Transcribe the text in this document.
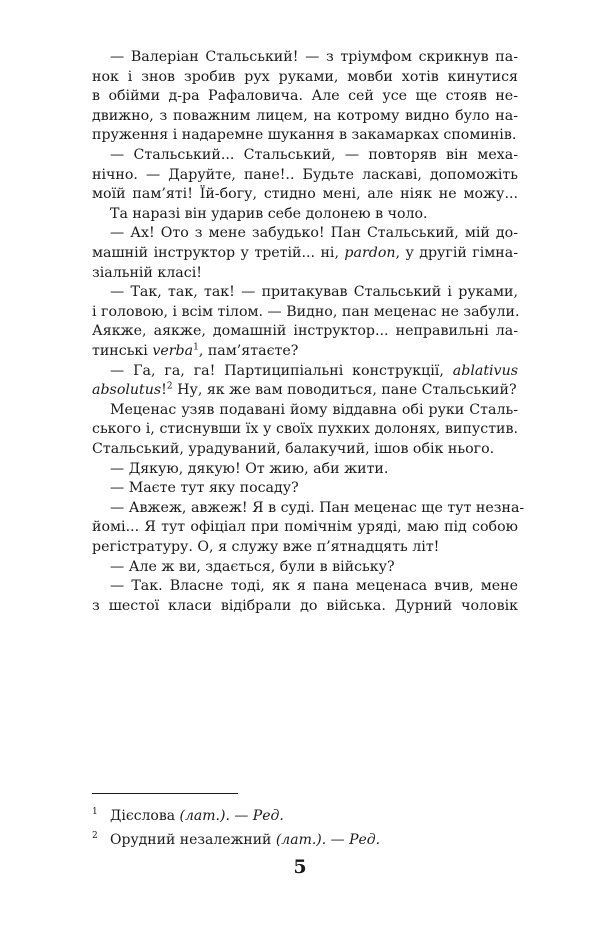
— Валеріан Стальський! — з тріумфом скрикнув па-
нок і знов зробив рух руками, мовби хотів кинутися
в обійми д-ра Рафаловича. Але сей усе ще стояв не-
движно, з поважним лицем, на котрому видно було на-
пруження і надаремне шукання в закамарках споминів.
— Стальський... Стальський, — повторяв він меха-
нічно. — Даруйте, пане!.. Будьте ласкаві, допоможіть
моїй пам’яті! Їй-богу, стидно мені, але ніяк не можу...
Та наразі він ударив себе долонею в чоло.
— Ах! Ото з мене забудько! Пан Стальський, мій до-
машній інструктор у третій... ні, pardon, у другій гімна-
зіальній класі!
— Так, так, так! — притакував Стальський і руками,
і головою, і всім тілом. — Видно, пан меценас не забули.
Аякже, аякже, домашній інструктор... неправильні ла-
тинські verba$^1$, пам’ятаєте?
— Га, га, га! Партиципіальні конструкції, ablativus
absolutus!$^2$ Ну, як же вам поводиться, пане Стальський?
Меценас узяв подавані йому віддавна обі руки Сталь-
ського і, стиснувши їх у своїх пухких долонях, випустив.
Стальський, урадуваний, балакучий, ішов обік нього.
1 Дієслова (лат.). — Ред.
2 Орудний незалежний (лат.). — Ред.
5
— Дякую, дякую! От жию, аби жити.
— Маєте тут яку посаду?
— Авжеж, авжеж! Я в суді. Пан меценас ще тут незна-
йомі... Я тут офіціал при помічнім уряді, маю під собою
регістратуру. О, я служу вже п’ятнадцять літ!
— Але ж ви, здається, були в війську?
— Так. Власне тоді, як я пана меценаса вчив, мене
з шестої класи відібрали до війська. Дурний чоловік
